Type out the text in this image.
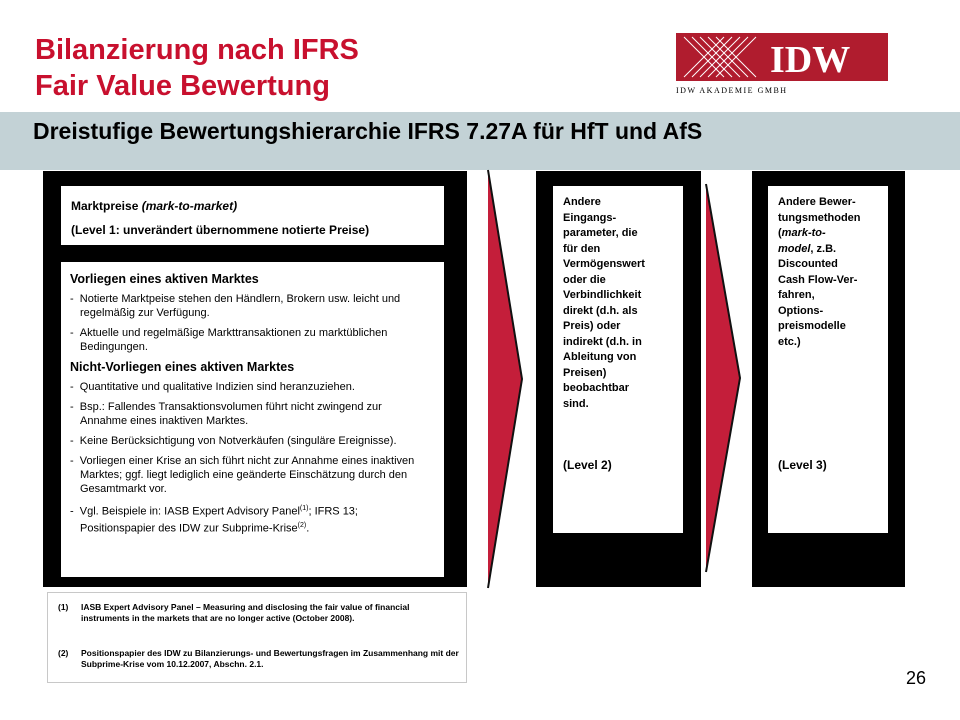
Bilanzierung nach IFRS
Fair Value Bewertung
IDW
IDW AKADEMIE GMBH
Dreistufige Bewertungshierarchie IFRS 7.27A für HfT und AfS
Marktpreise (mark-to-market)
(Level 1: unverändert übernommene notierte Preise)
Vorliegen eines aktiven Marktes
-  Notierte Marktpeise stehen den Händlern, Brokern usw. leicht und regelmäßig zur Verfügung.
-  Aktuelle und regelmäßige Markttransaktionen zu marktüblichen Bedingungen.
Nicht-Vorliegen eines aktiven Marktes
-  Quantitative und qualitative Indizien sind heranzuziehen.
-  Bsp.: Fallendes Transaktionsvolumen führt nicht zwingend zur Annahme eines inaktiven Marktes.
-  Keine Berücksichtigung von Notverkäufen (singuläre Ereignisse).
-  Vorliegen einer Krise an sich führt nicht zur Annahme eines inaktiven Marktes; ggf. liegt lediglich eine geänderte Einschätzung durch den Gesamtmarkt vor.
-  Vgl. Beispiele in: IASB Expert Advisory Panel$^{(1)}$; IFRS 13; Positionspapier des IDW zur Subprime-Krise$^{(2)}$.
Andere
Eingangs-
parameter, die
für den
Vermögenswert
oder die
Verbindlichkeit
direkt (d.h. als
Preis) oder
indirekt (d.h. in
Ableitung von
Preisen)
beobachtbar
sind.
(Level 2)
Andere Bewer-
tungsmethoden
(mark-to-
model, z.B.
Discounted
Cash Flow-Ver-
fahren,
Options-
preismodelle
etc.)
(Level 3)
(1) IASB Expert Advisory Panel – Measuring and disclosing the fair value of financial instruments in the markets that are no longer active (October 2008).
(2) Positionspapier des IDW zu Bilanzierungs- und Bewertungsfragen im Zusammenhang mit der Subprime-Krise vom 10.12.2007, Abschn. 2.1.
26
